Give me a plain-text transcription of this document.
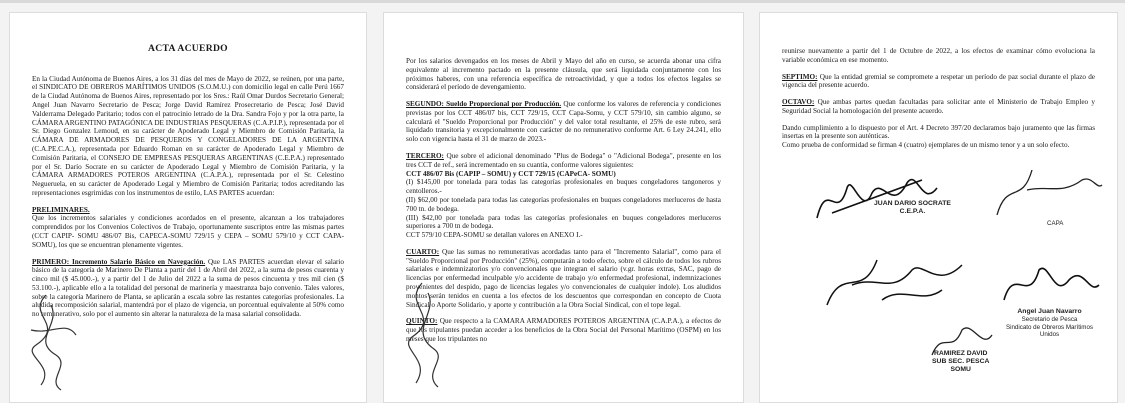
ACTA ACUERDO

En la Ciudad Autónoma de Buenos Aires, a los 31 días del mes de Mayo de 2022, se reúnen, por una parte, el SINDICATO DE OBREROS MARÍTIMOS UNIDOS (S.O.M.U.) con domicilio legal en calle Perú 1667 de la Ciudad Autónoma de Buenos Aires, representado por los Sres.: Raúl Omar Durdos Secretario General; Angel Juan Navarro Secretario de Pesca; Jorge David Ramírez Prosecretario de Pesca; José David Valderrama Delegado Paritario; todos con el patrocinio letrado de la Dra. Sandra Fojo y por la otra parte, la CÁMARA ARGENTINO PATAGÓNICA DE INDUSTRIAS PESQUERAS (C.A.P.I.P.), representada por el Sr. Diego Gonzalez Lemoud, en su carácter de Apoderado Legal y Miembro de Comisión Paritaria, la CÁMARA DE ARMADORES DE PESQUEROS Y CONGELADORES DE LA ARGENTINA (C.A.PE.C.A.), representada por Eduardo Roman en su carácter de Apoderado Legal y Miembro de Comisión Paritaria, el CONSEJO DE EMPRESAS PESQUERAS ARGENTINAS (C.E.P.A.) representado por el Sr. Darío Socrate en su carácter de Apoderado Legal y Miembro de Comisión Paritaria, y la CÁMARA ARMADORES POTEROS ARGENTINA (C.A.P.A.), representada por el Sr. Celestino Negueruela, en su carácter de Apoderado Legal y Miembro de Comisión Paritaria; todos acreditando las representaciones esgrimidas con los instrumentos de estilo, LAS PARTES acuerdan:

PRELIMINARES.
Que los incrementos salariales y condiciones acordados en el presente, alcanzan a los trabajadores comprendidos por los Convenios Colectivos de Trabajo, oportunamente suscriptos entre las mismas partes (CCT CAPIP- SOMU 486/07 Bis, CAPECA-SOMU 729/15 y CEPA – SOMU 579/10 y CCT CAPA-SOMU), los que se encuentran plenamente vigentes.

PRIMERO: Incremento Salario Básico en Navegación. Que LAS PARTES acuerdan elevar el salario básico de la categoría de Marinero De Planta a partir del 1 de Abril del 2022, a la suma de pesos cuarenta y cinco mil ($ 45.000.-), y a partir del 1 de Julio del 2022 a la suma de pesos cincuenta y tres mil cien ($ 53.100.-), aplicable ello a la totalidad del personal de marinería y maestranza bajo convenio. Tales valores, sobre la categoría Marinero de Planta, se aplicarán a escala sobre las restantes categorías profesionales. La aludida recomposición salarial, mantendrá por el plazo de vigencia, un porcentual equivalente al 50% como no remunerativo, solo por el aumento sin alterar la naturaleza de la masa salarial consolidada.

Por los salarios devengados en los meses de Abril y Mayo del año en curso, se acuerda abonar una cifra equivalente al incremento pactado en la presente cláusula, que será liquidada conjuntamente con los próximos haberes, con una referencia específica de retroactividad, y que a todos los efectos legales se considerará el período de devengamiento.

SEGUNDO: Sueldo Proporcional por Producción. Que conforme los valores de referencia y condiciones previstas por los CCT 486/07 bis, CCT 729/15, CCT Capa-Somu, y CCT 579/10, sin cambio alguno, se calculará el "Sueldo Proporcional por Producción" y del valor total resultante, el 25% de este rubro, será liquidado transitoria y excepcionalmente con carácter de no remunerativo conforme Art. 6 Ley 24.241, ello solo con vigencia hasta el 31 de marzo de 2023.-

TERCERO: Que sobre el adicional denominado "Plus de Bodega" o "Adicional Bodega", presente en los tres CCT de ref., será incrementado en su cuantía, conforme valores siguientes:
CCT 486/07 Bis (CAPIP – SOMU) y CCT 729/15 (CAPeCA- SOMU)
(I) $145,00 por tonelada para todas las categorías profesionales en buques congeladores tangoneros y centolleros.-
(II) $62,00 por tonelada para todas las categorías profesionales en buques congeladores merluceros de hasta 700 tn. de bodega.
(III) $42,00 por tonelada para todas las categorías profesionales en buques congeladores merluceros superiores a 700 tn de bodega.
CCT 579/10 CEPA-SOMU se detallan valores en ANEXO I.-

CUARTO: Que las sumas no remunerativas acordadas tanto para el "Incremento Salarial", como para el "Sueldo Proporcional por Producción" (25%), computarán a todo efecto, sobre el cálculo de todos los rubros salariales e indemnizatorios y/o convencionales que integran el salario (v.gr. horas extras, SAC, pago de licencias por enfermedad inculpable y/o accidente de trabajo y/o enfermedad profesional, indemnizaciones provenientes del despido, pago de licencias legales y/o convencionales de cualquier índole). Los aludidos montos serán tenidos en cuenta a los efectos de los descuentos que correspondan en concepto de Cuota Sindical o Aporte Solidario, y aporte y contribución a la Obra Social Sindical, con el tope legal.

QUINTO: Que respecto a la CAMARA ARMADORES POTEROS ARGENTINA (C.A.P.A.), a efectos de que los tripulantes puedan acceder a los beneficios de la Obra Social del Personal Marítimo (OSPM) en los meses que los tripulantes no

reunirse nuevamente a partir del 1 de Octubre de 2022, a los efectos de examinar cómo evoluciona la variable económica en ese momento.

SEPTIMO: Que la entidad gremial se compromete a respetar un período de paz social durante el plazo de vigencia del presente acuerdo.

OCTAVO: Que ambas partes quedan facultadas para solicitar ante el Ministerio de Trabajo Empleo y Seguridad Social la homologación del presente acuerdo.

Dando cumplimiento a lo dispuesto por el Art. 4 Decreto 397/20 declaramos bajo juramento que las firmas insertas en la presente son auténticas.
Como prueba de conformidad se firman 4 (cuatro) ejemplares de un mismo tenor y a un solo efecto.

JUAN DARIO SOCRATE
C.E.P.A.
CAPA
Angel Juan Navarro
Secretario de Pesca
Sindicato de Obreros Marítimos Unidos
RAMIREZ DAVID
SUB SEC. PESCA
SOMU
